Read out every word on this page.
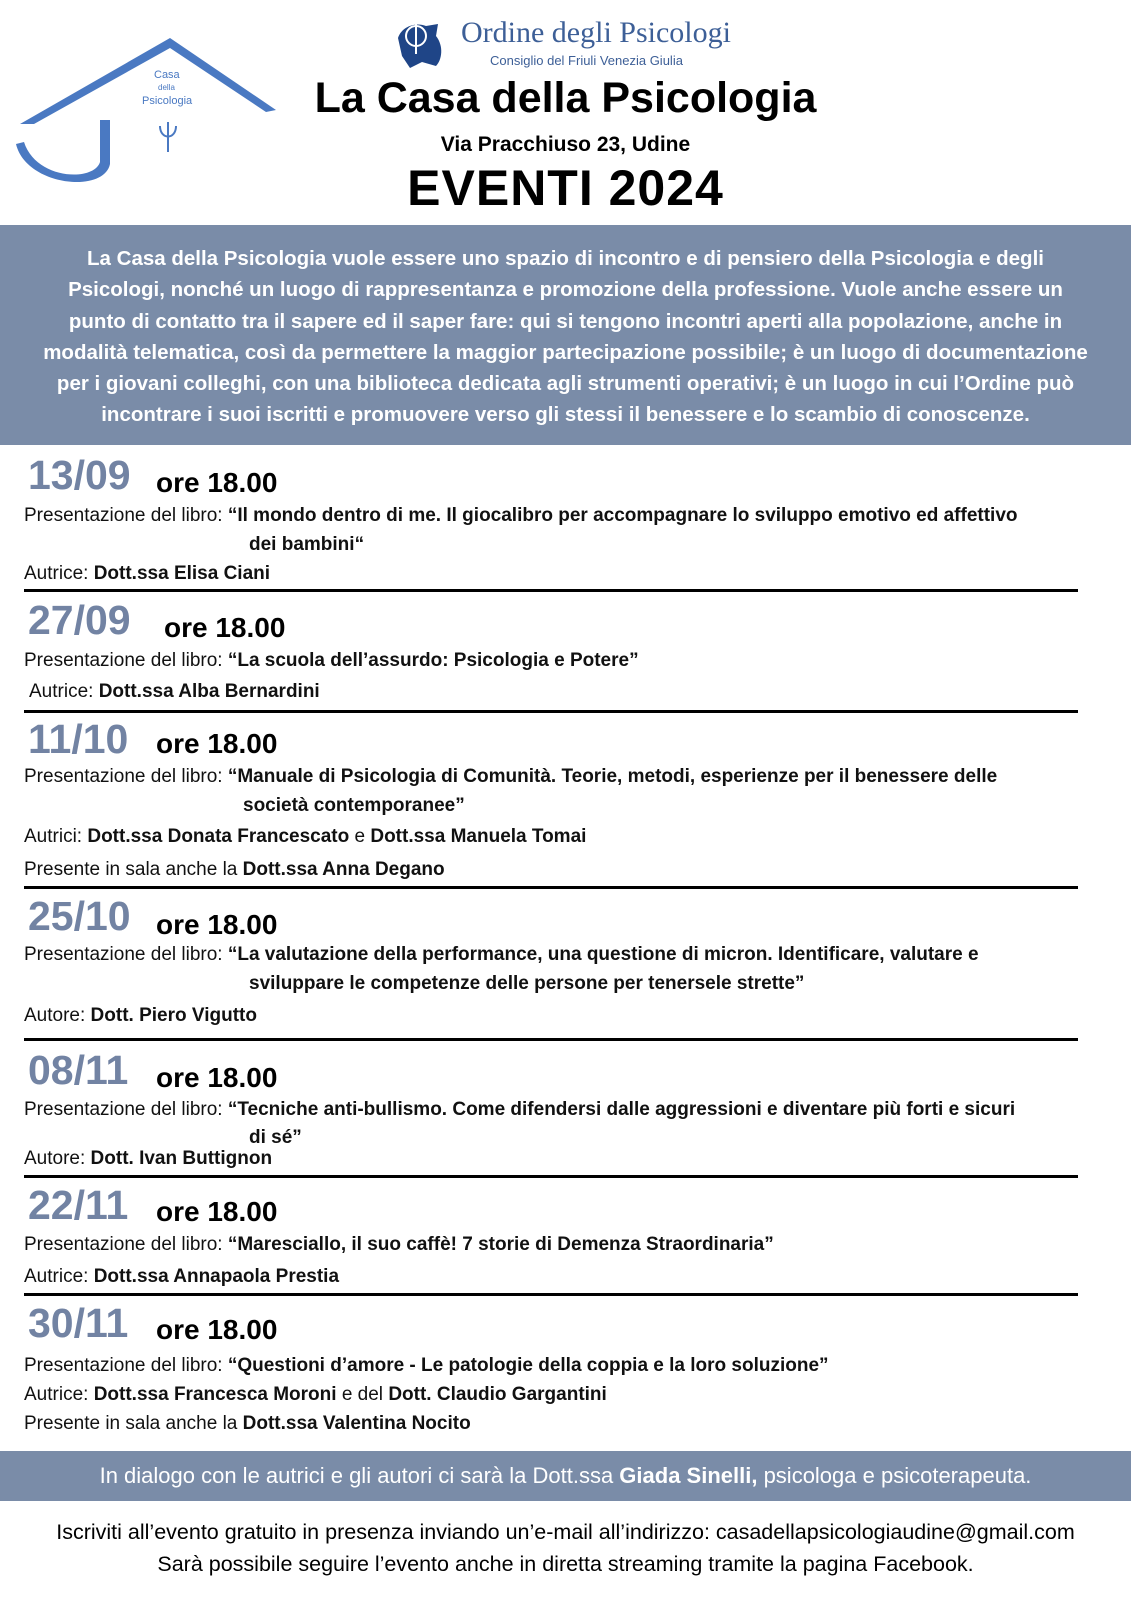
Casa
della
Psicologia
Ordine degli Psicologi
Consiglio del Friuli Venezia Giulia
La Casa della Psicologia
Via Pracchiuso 23, Udine
EVENTI 2024
La Casa della Psicologia vuole essere uno spazio di incontro e di pensiero della Psicologia e degli
Psicologi, nonché un luogo di rappresentanza e promozione della professione. Vuole anche essere un
punto di contatto tra il sapere ed il saper fare: qui si tengono incontri aperti alla popolazione, anche in
modalità telematica, così da permettere la maggior partecipazione possibile; è un luogo di documentazione
per i giovani colleghi, con una biblioteca dedicata agli strumenti operativi; è un luogo in cui l’Ordine può
incontrare i suoi iscritti e promuovere verso gli stessi il benessere e lo scambio di conoscenze.
13/09 ore 18.00
Presentazione del libro: “Il mondo dentro di me. Il giocalibro per accompagnare lo sviluppo emotivo ed affettivo
dei bambini“
Autrice: Dott.ssa Elisa Ciani
27/09 ore 18.00
Presentazione del libro: “La scuola dell’assurdo: Psicologia e Potere”
Autrice: Dott.ssa Alba Bernardini
11/10 ore 18.00
Presentazione del libro: “Manuale di Psicologia di Comunità. Teorie, metodi, esperienze per il benessere delle
società contemporanee”
Autrici: Dott.ssa Donata Francescato e Dott.ssa Manuela Tomai
Presente in sala anche la Dott.ssa Anna Degano
25/10 ore 18.00
Presentazione del libro: “La valutazione della performance, una questione di micron. Identificare, valutare e
sviluppare le competenze delle persone per tenersele strette”
Autore: Dott. Piero Vigutto
08/11 ore 18.00
Presentazione del libro: “Tecniche anti-bullismo. Come difendersi dalle aggressioni e diventare più forti e sicuri
di sé”
Autore: Dott. Ivan Buttignon
22/11 ore 18.00
Presentazione del libro: “Maresciallo, il suo caffè! 7 storie di Demenza Straordinaria”
Autrice: Dott.ssa Annapaola Prestia
30/11 ore 18.00
Presentazione del libro: “Questioni d’amore - Le patologie della coppia e la loro soluzione”
Autrice: Dott.ssa Francesca Moroni e del Dott. Claudio Gargantini
Presente in sala anche la Dott.ssa Valentina Nocito
In dialogo con le autrici e gli autori ci sarà la Dott.ssa Giada Sinelli, psicologa e psicoterapeuta.
Iscriviti all’evento gratuito in presenza inviando un’e-mail all’indirizzo: casadellapsicologiaudine@gmail.com
Sarà possibile seguire l’evento anche in diretta streaming tramite la pagina Facebook.
